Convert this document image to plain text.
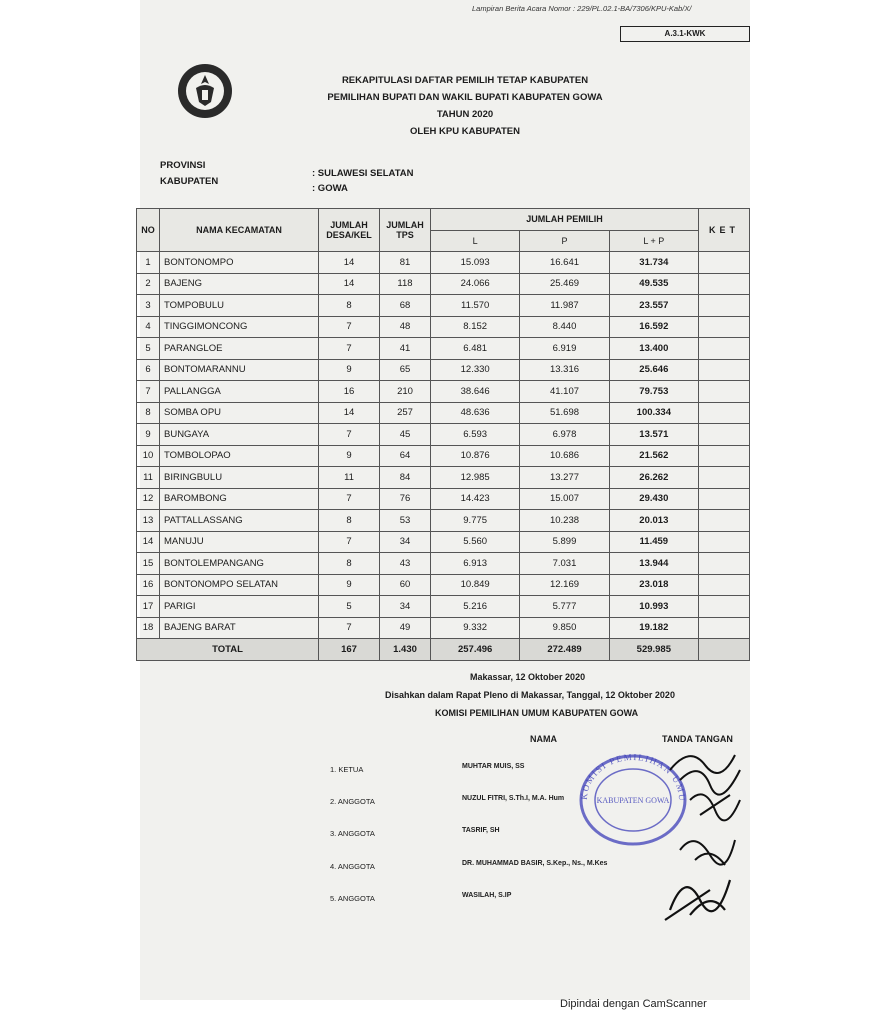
Lampiran Berita Acara Nomor : 229/PL.02.1-BA/7306/KPU-Kab/X/
A.3.1-KWK
REKAPITULASI DAFTAR PEMILIH TETAP KABUPATEN
PEMILIHAN BUPATI DAN WAKIL BUPATI KABUPATEN GOWA
TAHUN 2020
OLEH KPU KABUPATEN
PROVINSI
: SULAWESI SELATAN
KABUPATEN
: GOWA
NO	NAMA KECAMATAN	JUMLAH DESA/KEL	JUMLAH TPS	JUMLAH PEMILIH			KET
				L	P	L + P	
1	BONTONOMPO	14	81	15.093	16.641	31.734	
2	BAJENG	14	118	24.066	25.469	49.535	
3	TOMPOBULU	8	68	11.570	11.987	23.557	
4	TINGGIMONCONG	7	48	8.152	8.440	16.592	
5	PARANGLOE	7	41	6.481	6.919	13.400	
6	BONTOMARANNU	9	65	12.330	13.316	25.646	
7	PALLANGGA	16	210	38.646	41.107	79.753	
8	SOMBA OPU	14	257	48.636	51.698	100.334	
9	BUNGAYA	7	45	6.593	6.978	13.571	
10	TOMBOLOPAO	9	64	10.876	10.686	21.562	
11	BIRINGBULU	11	84	12.985	13.277	26.262	
12	BAROMBONG	7	76	14.423	15.007	29.430	
13	PATTALLASSANG	8	53	9.775	10.238	20.013	
14	MANUJU	7	34	5.560	5.899	11.459	
15	BONTOLEMPANGANG	8	43	6.913	7.031	13.944	
16	BONTONOMPO SELATAN	9	60	10.849	12.169	23.018	
17	PARIGI	5	34	5.216	5.777	10.993	
18	BAJENG BARAT	7	49	9.332	9.850	19.182	
TOTAL		167	1.430	257.496	272.489	529.985	
Makassar, 12 Oktober 2020
Disahkan dalam Rapat Pleno di Makassar, Tanggal, 12 Oktober 2020
KOMISI PEMILIHAN UMUM KABUPATEN GOWA
NAMA	TANDA TANGAN
1. KETUA	MUHTAR MUIS, SS
2. ANGGOTA	NUZUL FITRI, S.Th.I, M.A. Hum
3. ANGGOTA	TASRIF, SH
4. ANGGOTA	DR. MUHAMMAD BASIR, S.Kep., Ns., M.Kes
5. ANGGOTA	WASILAH, S.IP
KOMISI PEMILIHAN UMU
KABUPATEN GOWA
Dipindai dengan CamScanner
